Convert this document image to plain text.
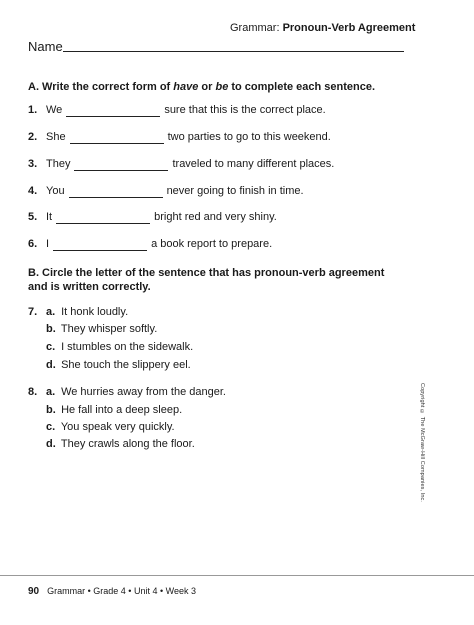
Grammar: Pronoun-Verb Agreement
Name
A. Write the correct form of have or be to complete each sentence.
1. We	sure that this is the correct place.
2. She	two parties to go to this weekend.
3. They	traveled to many different places.
4. You	never going to finish in time.
5. It	bright red and very shiny.
6. I	a book report to prepare.
B. Circle the letter of the sentence that has pronoun-verb agreement
and is written correctly.
7. a. It honk loudly.
b. They whisper softly.
c. I stumbles on the sidewalk.
d. She touch the slippery eel.
8. a. We hurries away from the danger.
b. He fall into a deep sleep.
c. You speak very quickly.
d. They crawls along the floor.	Copyright © The McGraw-Hill Companies, Inc.
90 Grammar • Grade 4 • Unit 4 • Week 3
